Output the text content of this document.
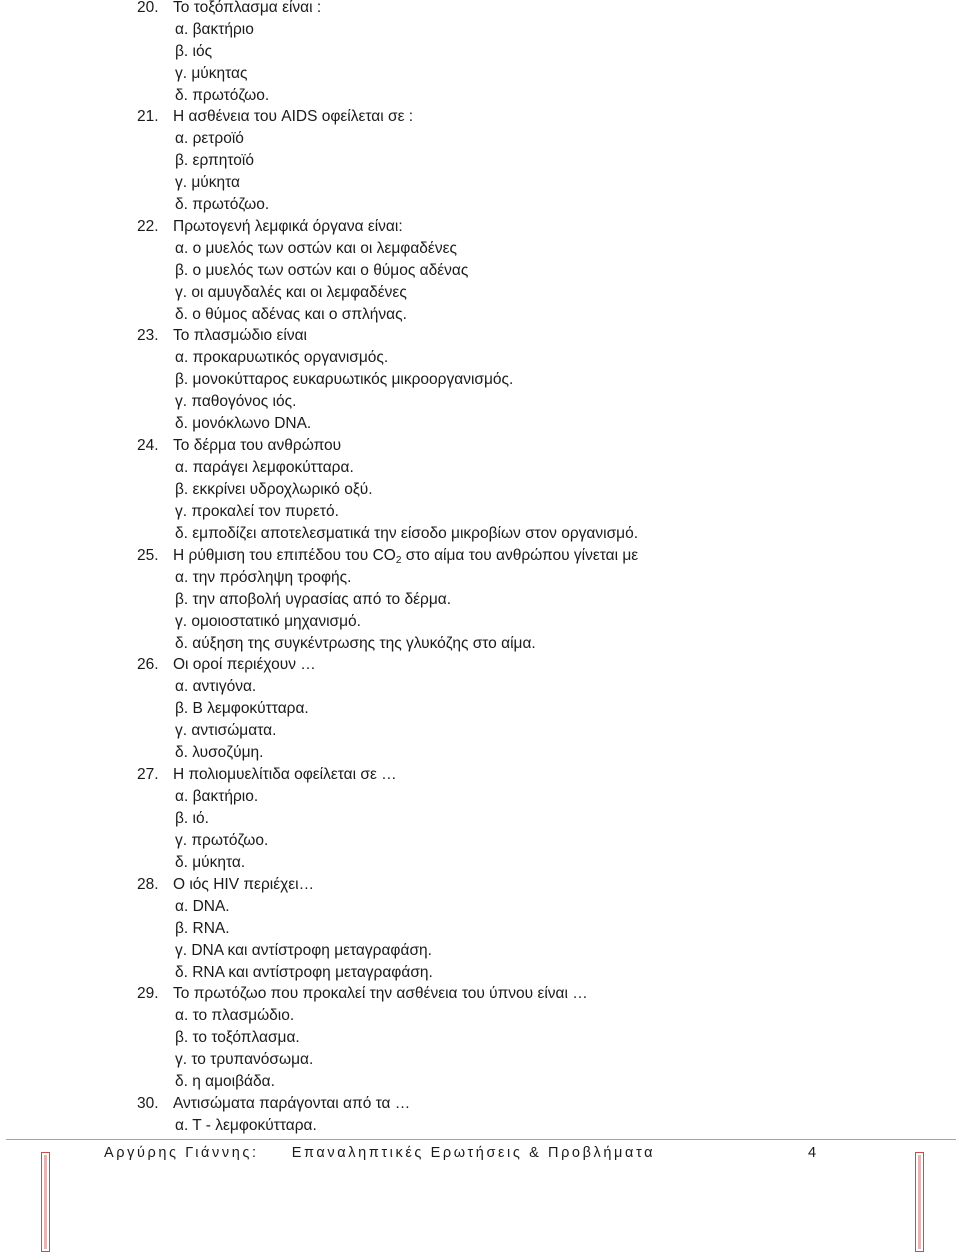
20. Το τοξόπλασμα είναι :
α. βακτήριο
β. ιός
γ. μύκητας
δ. πρωτόζωο.
21. Η ασθένεια του AIDS οφείλεται σε :
α. ρετροϊό
β. ερπητοϊό
γ. μύκητα
δ. πρωτόζωο.
22. Πρωτογενή λεμφικά όργανα είναι:
α. ο μυελός των οστών και οι λεμφαδένες
β. ο μυελός των οστών και ο θύμος αδένας
γ. οι αμυγδαλές και οι λεμφαδένες
δ. ο θύμος αδένας και ο σπλήνας.
23. Το πλασμώδιο είναι
α. προκαρυωτικός οργανισμός.
β. μονοκύτταρος ευκαρυωτικός μικροοργανισμός.
γ. παθογόνος ιός.
δ. μονόκλωνο DNA.
24. Το δέρμα του ανθρώπου
α. παράγει λεμφοκύτταρα.
β. εκκρίνει υδροχλωρικό οξύ.
γ. προκαλεί τον πυρετό.
δ. εμποδίζει αποτελεσματικά την είσοδο μικροβίων στον οργανισμό.
25. Η ρύθμιση του επιπέδου του $CO_2$ στο αίμα του ανθρώπου γίνεται με
α. την πρόσληψη τροφής.
β. την αποβολή υγρασίας από το δέρμα.
γ. ομοιοστατικό μηχανισμό.
δ. αύξηση της συγκέντρωσης της γλυκόζης στο αίμα.
26. Οι οροί περιέχουν …
α. αντιγόνα.
β. Β λεμφοκύτταρα.
γ. αντισώματα.
δ. λυσοζύμη.
27. Η πολιομυελίτιδα οφείλεται σε …
α. βακτήριο.
β. ιό.
γ. πρωτόζωο.
δ. μύκητα.
28. Ο ιός HIV περιέχει…
α. DNA.
β. RNA.
γ. DNA και αντίστροφη μεταγραφάση.
δ. RNA και αντίστροφη μεταγραφάση.
29. Το πρωτόζωο που προκαλεί την ασθένεια του ύπνου είναι …
α. το πλασμώδιο.
β. το τοξόπλασμα.
γ. το τρυπανόσωμα.
δ. η αμοιβάδα.
30. Αντισώματα παράγονται από τα …
α. Τ - λεμφοκύτταρα.
Αργύρης Γιάννης: Επαναληπτικές Ερωτήσεις & Προβλήματα	4
